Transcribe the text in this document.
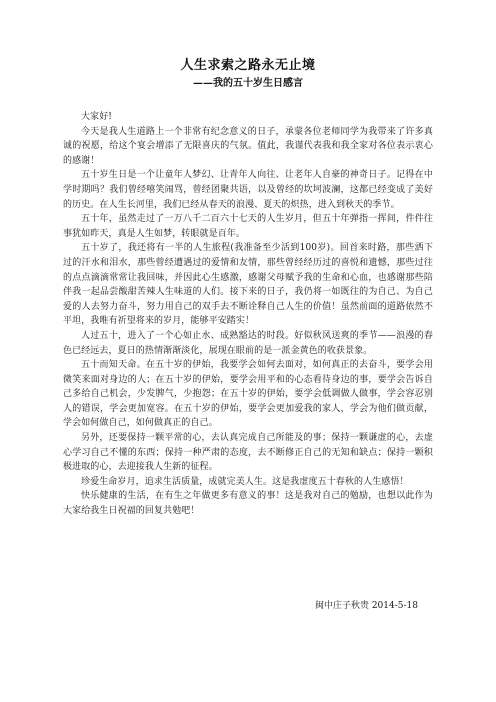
人生求索之路永无止境
——我的五十岁生日感言

大家好!

今天是我人生道路上一个非常有纪念意义的日子，承蒙各位老师同学为我带来了许多真诚的祝愿，给这个宴会增添了无限喜庆的气氛。值此，我谨代表我和我全家对各位表示衷心的感谢！

五十岁生日是一个让童年人梦幻、让青年人向往、让老年人自豪的神奇日子。记得在中学时期吗？我们曾经嘻笑闹骂，曾经团聚共语，以及曾经的坎坷波澜，这都已经变成了美好的历史。在人生长河里，我们已经从春天的浪漫、夏天的炽热，进入到秋天的季节。

五十年，虽然走过了一万八千二百六十七天的人生岁月，但五十年弹指一挥间，件件往事犹如昨天，真是人生如梦，转眼就是百年。

五十岁了，我还将有一半的人生旅程(我准备至少活到100岁)。回首来时路，那些洒下过的汗水和泪水，那些曾经遭遇过的爱情和友情，那些曾经经历过的喜悦和遗憾，那些过往的点点滴滴常常让我回味，并因此心生感激，感谢父母赋予我的生命和心血，也感谢那些陪伴我一起品尝酸甜苦辣人生味道的人们。接下来的日子，我仍将一如既往的为自己、为自己爱的人去努力奋斗，努力用自己的双手去不断诠释自己人生的价值！虽然前面的道路依然不平坦，我唯有祈望将来的岁月，能够平安踏实！

人过五十，进入了一个心如止水、成熟豁达的时段。好似秋风送爽的季节——浪漫的春色已经远去，夏日的热情渐渐淡化，展现在眼前的是一派金黄色的收获景象。

五十而知天命。在五十岁的伊始，我要学会如何去面对，如何真正的去奋斗，要学会用微笑来面对身边的人；在五十岁的伊始，要学会用平和的心态看待身边的事，要学会告诉自己多给自己机会，少发脾气，少抱怨；在五十岁的伊始，要学会低调做人做事，学会容忍别人的错误，学会更加宽容。在五十岁的伊始，要学会更加爱我的家人，学会为他们做贡献，学会如何做自己，如何做真正的自己。

另外，还要保持一颗平常的心，去认真完成自己所能及的事；保持一颗谦虚的心，去虚心学习自己不懂的东西；保持一种严肃的态度，去不断修正自己的无知和缺点；保持一颗积极进取的心，去迎接我人生新的征程。

珍爱生命岁月，追求生活质量，成就完美人生。这是我虚度五十春秋的人生感悟！

快乐健康的生活，在有生之年做更多有意义的事！这是我对自己的勉励，也想以此作为大家给我生日祝福的回复共勉吧！

闽中庄子秋贵 2014-5-18
